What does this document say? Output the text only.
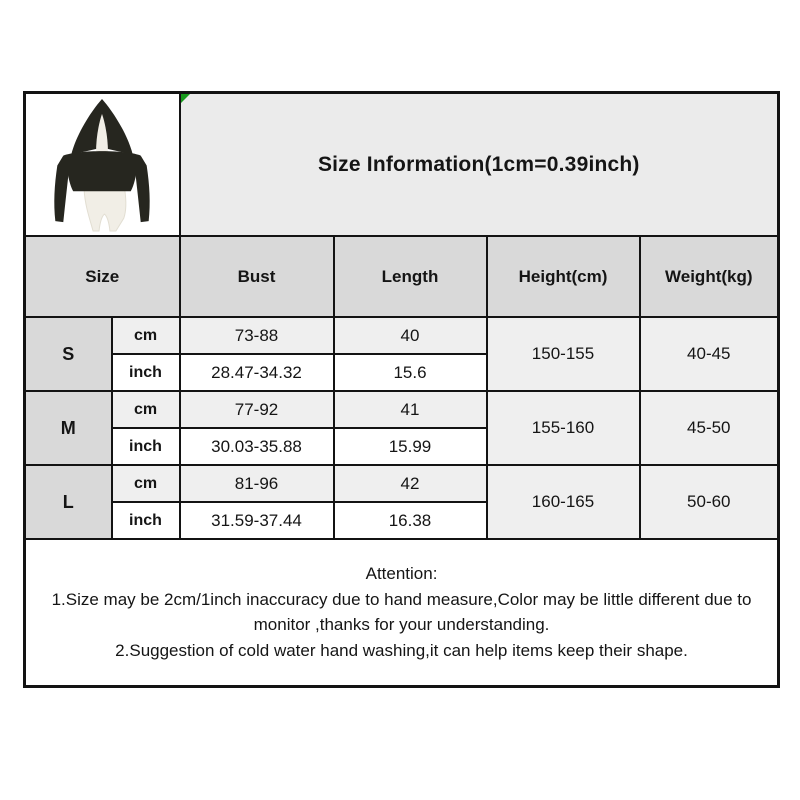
Size Information(1cm=0.39inch)			
Size		Bust	Length	Height(cm)	Weight(kg)
S	cm	73-88	40	150-155	40-45
	inch	28.47-34.32	15.6		
M	cm	77-92	41	155-160	45-50
	inch	30.03-35.88	15.99		
L	cm	81-96	42	160-165	50-60
	inch	31.59-37.44	16.38		

Attention:

1.Size may be 2cm/1inch inaccuracy due to hand measure,Color may be little different due to monitor ,thanks for your understanding.

2.Suggestion of cold water hand washing,it can help items keep their shape.					
